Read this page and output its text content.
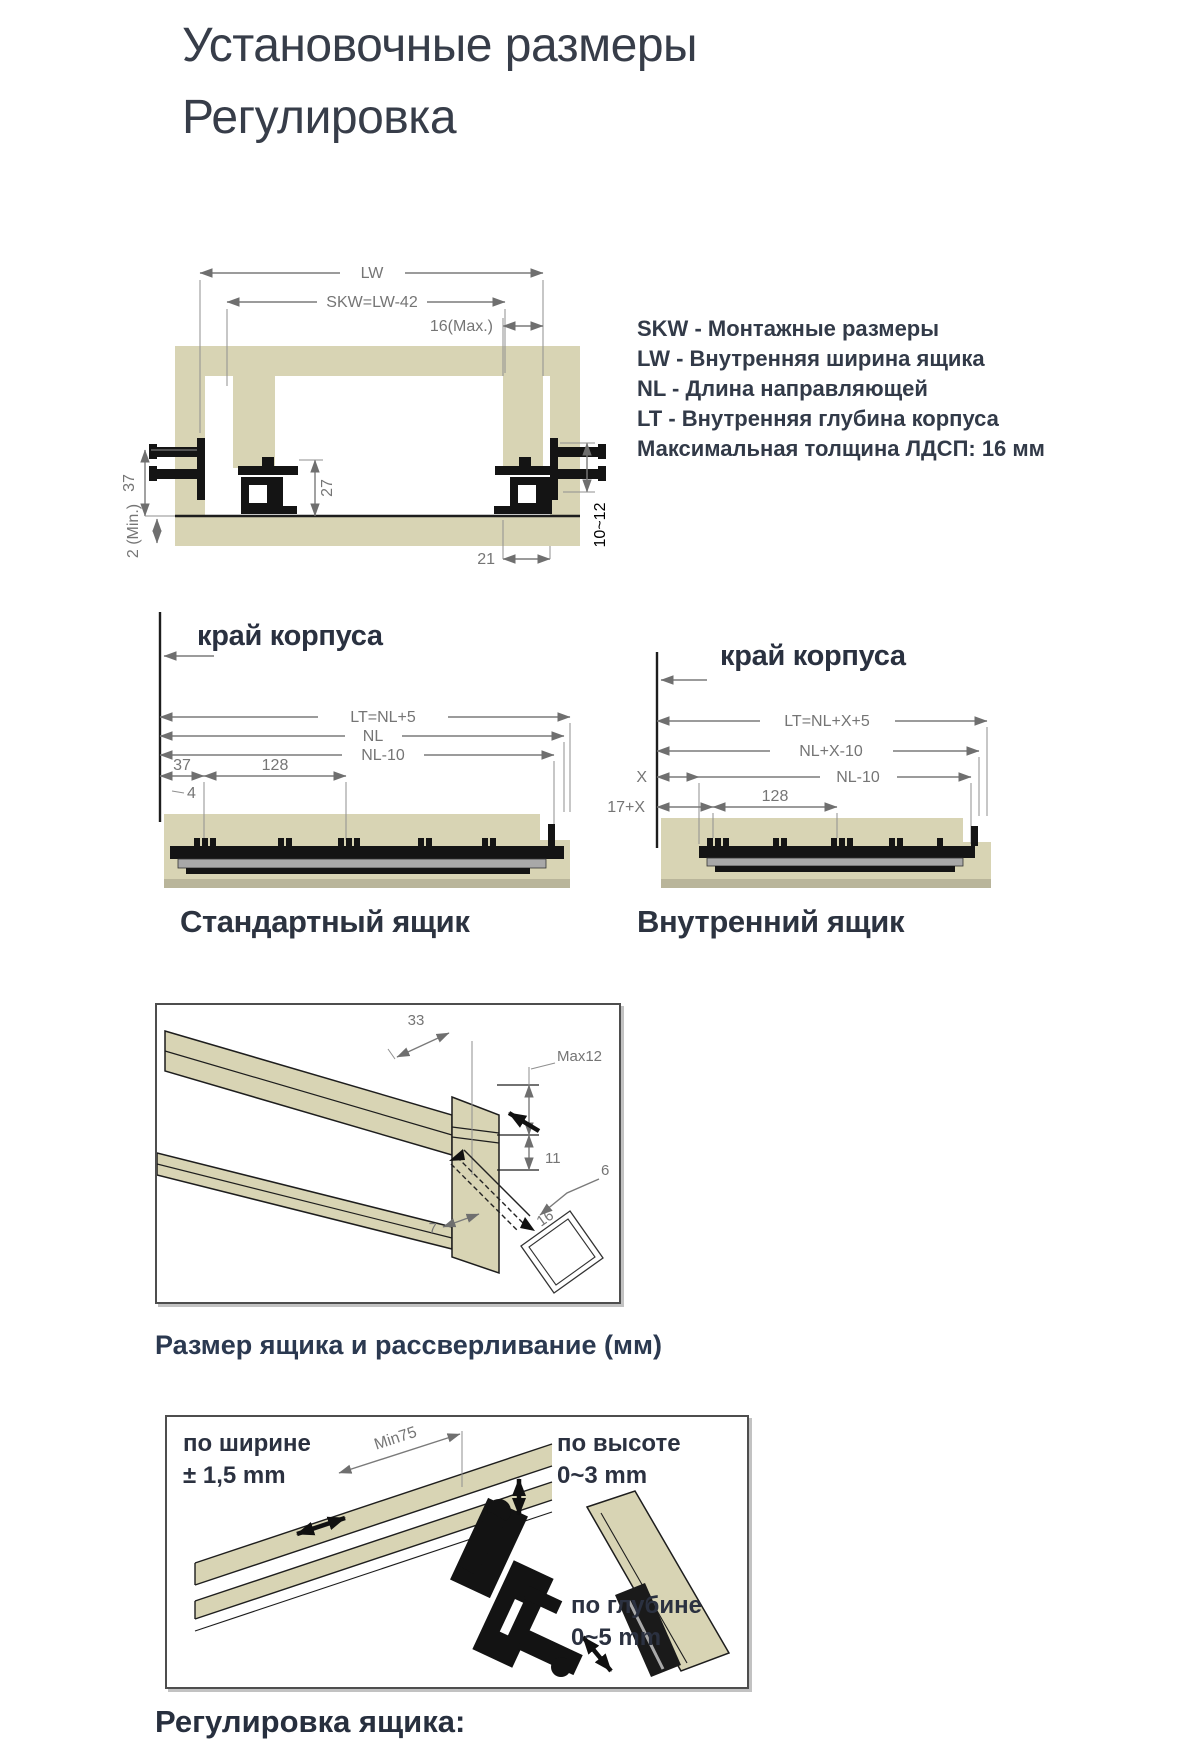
Установочные размеры
Регулировка
LW
SKW=LW-42
16(Max.)
37
2 (Min.)
27
21
10~12
SKW - Монтажные размеры
LW - Внутренняя ширина ящика
NL - Длина направляющей
LT - Внутренняя глубина корпуса
Максимальная толщина ЛДСП: 16 мм
край корпуса
край корпуса
LT=NL+5
NL
NL-10
37	128
4
LT=NL+X+5
NL+X-10
X	NL-10
17+X
128
Стандартный ящик	Внутренний ящик
33
Max12
11
16
6
7
Размер ящика и рассверливание (мм)
Min75
по ширине
± 1,5 mm
по высоте
0~3 mm
по глубине
0~5 mm
Регулировка ящика:
